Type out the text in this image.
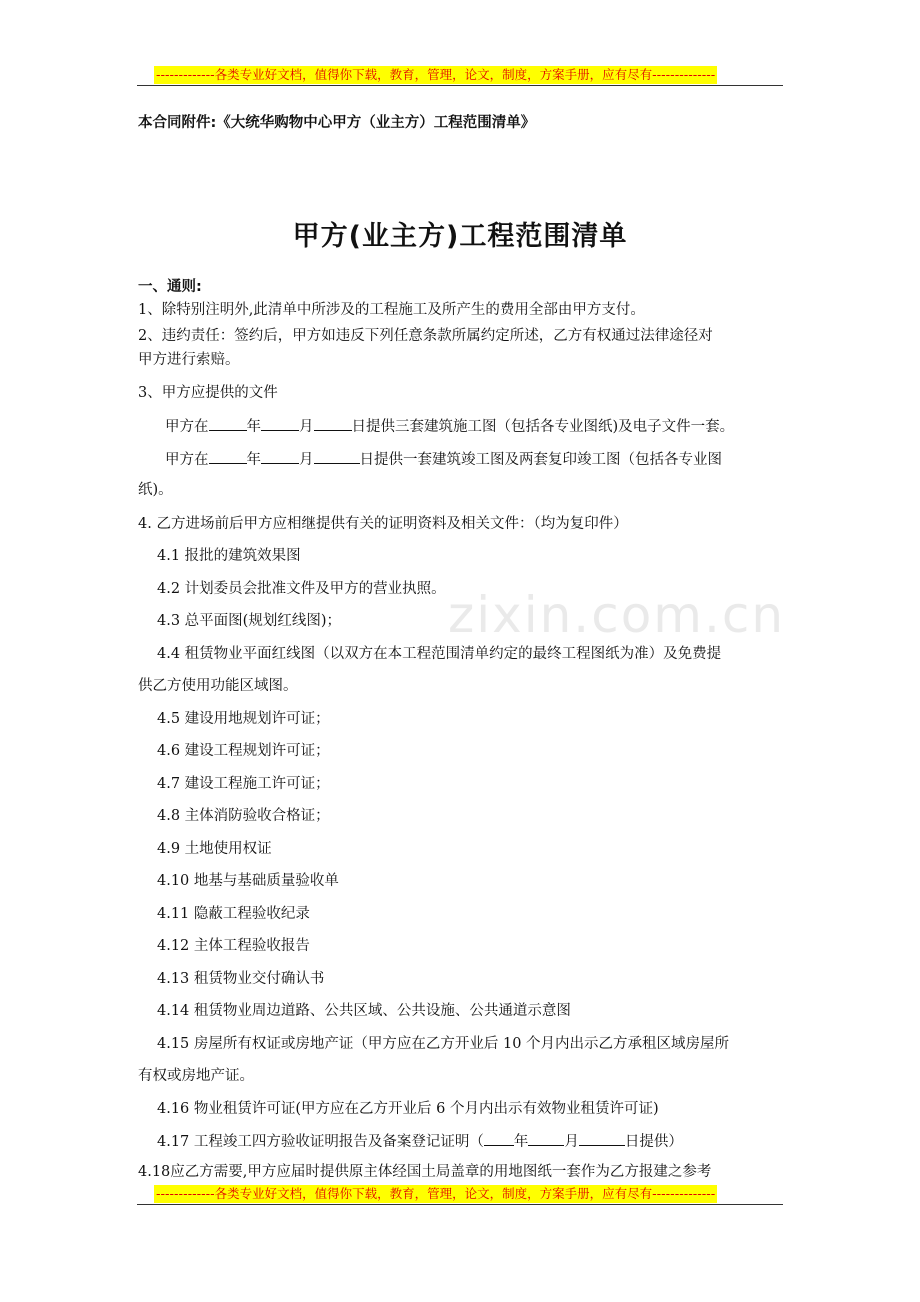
-------------各类专业好文档，值得你下载，教育，管理，论文，制度，方案手册，应有尽有--------------
本合同附件:《大统华购物中心甲方（业主方）工程范围清单》
甲方(业主方)工程范围清单
zixin.com.cn
一、通则:
1、除特别注明外,此清单中所涉及的工程施工及所产生的费用全部由甲方支付。
2、违约责任：签约后，甲方如违反下列任意条款所属约定所述，乙方有权通过法律途径对
甲方进行索赔。
3、甲方应提供的文件
甲方在	年	月	日提供三套建筑施工图（包括各专业图纸)及电子文件一套。
甲方在	年	月	日提供一套建筑竣工图及两套复印竣工图（包括各专业图
纸)。
4. 乙方进场前后甲方应相继提供有关的证明资料及相关文件：（均为复印件）
4.1 报批的建筑效果图
4.2 计划委员会批准文件及甲方的营业执照。
4.3 总平面图(规划红线图)；
4.4 租赁物业平面红线图（以双方在本工程范围清单约定的最终工程图纸为准）及免费提
供乙方使用功能区域图。
4.5 建设用地规划许可证；
4.6 建设工程规划许可证；
4.7 建设工程施工许可证；
4.8 主体消防验收合格证；
4.9 土地使用权证
4.10 地基与基础质量验收单
4.11 隐蔽工程验收纪录
4.12 主体工程验收报告
4.13 租赁物业交付确认书
4.14 租赁物业周边道路、公共区域、公共设施、公共通道示意图
4.15 房屋所有权证或房地产证（甲方应在乙方开业后 10 个月内出示乙方承租区域房屋所
有权或房地产证。
4.16 物业租赁许可证(甲方应在乙方开业后 6 个月内出示有效物业租赁许可证)
4.17 工程竣工四方验收证明报告及备案登记证明（ 年 月	日提供）
4.18应乙方需要,甲方应届时提供原主体经国土局盖章的用地图纸一套作为乙方报建之参考
-------------各类专业好文档，值得你下载，教育，管理，论文，制度，方案手册，应有尽有--------------
